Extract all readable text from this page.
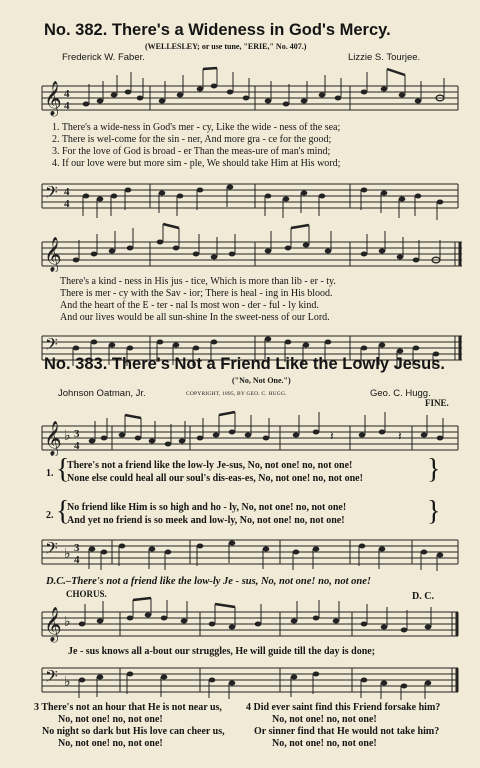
No. 382. There's a Wideness in God's Mercy.
(WELLESLEY; or use tune, "ERIE," No. 407.)
Frederick W. Faber.	Lizzie S. Tourjee.
𝄞 4
4
1. There's a wide-ness in God's mer - cy, Like the wide - ness of the sea;
2. There is wel-come for the sin - ner, And more gra - ce for the good;
3. For the love of God is broad - er Than the meas-ure of man's mind;
4. If our love were but more sim - ple, We should take Him at His word;
𝄢 4
4
𝄞
There's a kind - ness in His jus - tice, Which is more than lib - er - ty.
There is mer - cy with the Sav - ior; There is heal - ing in His blood.
And the heart of the E - ter - nal Is most won - der - ful - ly kind.
And our lives would be all sun-shine In the sweet-ness of our Lord.
𝄢
No. 383. There's Not a Friend Like the Lowly Jesus.
("No, Not One.")
Johnson Oatman, Jr.	COPYRIGHT, 1895, BY GEO. C. HUGG.	Geo. C. Hugg.
FINE.
𝄞 ♭ 3
4
𝄽	𝄽
1.
2.
{
{
There's not a friend like the low-ly Je-sus, No, not one! no, not one!
None else could heal all our soul's dis-eas-es, No, not one! no, not one!
No friend like Him is so high and ho - ly, No, not one! no, not one!
And yet no friend is so meek and low-ly, No, not one! no, not one!
}
}
𝄢 ♭ 3
4
D.C.–There's not a friend like the low-ly Je - sus, No, not one! no, not one!
CHORUS.	D. C.
𝄞 ♭
Je - sus knows all a-bout our struggles, He will guide till the day is done;
𝄢 ♭
3 There's not an hour that He is not near us,
No, not one! no, not one!
No night so dark but His love can cheer us,
No, not one! no, not one!
4 Did ever saint find this Friend forsake him?
No, not one! no, not one!
Or sinner find that He would not take him?
No, not one! no, not one!
